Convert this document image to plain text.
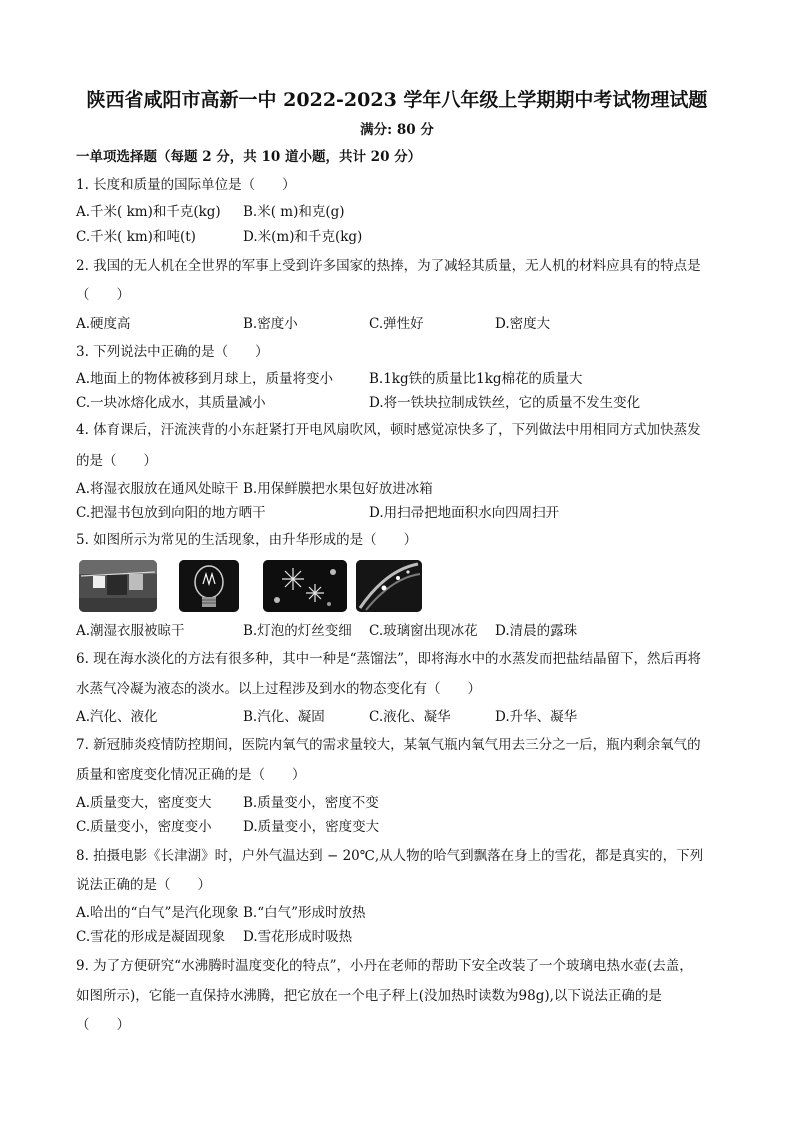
陕西省咸阳市高新一中 2022-2023 学年八年级上学期期中考试物理试题
满分: 80 分
一单项选择题（每题 2 分，共 10 道小题，共计 20 分）
1. 长度和质量的国际单位是（　　）
A.千米( km)和千克(kg) B.米( m)和克(g)
C.千米( km)和吨(t)	D.米(m)和千克(kg)
2. 我国的无人机在全世界的军事上受到许多国家的热捧，为了减轻其质量，无人机的材料应具有的特点是
（　　）
A.硬度高	B.密度小	C.弹性好	D.密度大
3. 下列说法中正确的是（　　）
A.地面上的物体被移到月球上，质量将变小	B.1kg铁的质量比1kg棉花的质量大
C.一块冰熔化成水，其质量减小	D.将一铁块拉制成铁丝，它的质量不发生变化
4. 体育课后，汗流浃背的小东赶紧打开电风扇吹风，顿时感觉凉快多了，下列做法中用相同方式加快蒸发
的是（　　）
A.将湿衣服放在通风处晾干 B.用保鲜膜把水果包好放进冰箱
C.把湿书包放到向阳的地方晒干	D.用扫帚把地面积水向四周扫开
5. 如图所示为常见的生活现象，由升华形成的是（　　）
A.潮湿衣服被晾干	B.灯泡的灯丝变细 C.玻璃窗出现冰花 D.清晨的露珠
6. 现在海水淡化的方法有很多种，其中一种是“蒸馏法”，即将海水中的水蒸发而把盐结晶留下，然后再将
水蒸气冷凝为液态的淡水。以上过程涉及到水的物态变化有（　　）
A.汽化、液化	B.汽化、凝固	C.液化、凝华	D.升华、凝华
7. 新冠肺炎疫情防控期间，医院内氧气的需求量较大，某氧气瓶内氧气用去三分之一后，瓶内剩余氧气的
质量和密度变化情况正确的是（　　）
A.质量变大，密度变大 B.质量变小，密度不变
C.质量变小，密度变小 D.质量变小，密度变大
8. 拍摄电影《长津湖》时，户外气温达到 − 20℃,从人物的哈气到飘落在身上的雪花，都是真实的，下列
说法正确的是（　　）
A.哈出的“白气”是汽化现象 B.“白气”形成时放热
C.雪花的形成是凝固现象 D.雪花形成时吸热
9. 为了方便研究“水沸腾时温度变化的特点”，小丹在老师的帮助下安全改装了一个玻璃电热水壶(去盖，
如图所示)，它能一直保持水沸腾，把它放在一个电子秤上(没加热时读数为98g),以下说法正确的是
（　　）
